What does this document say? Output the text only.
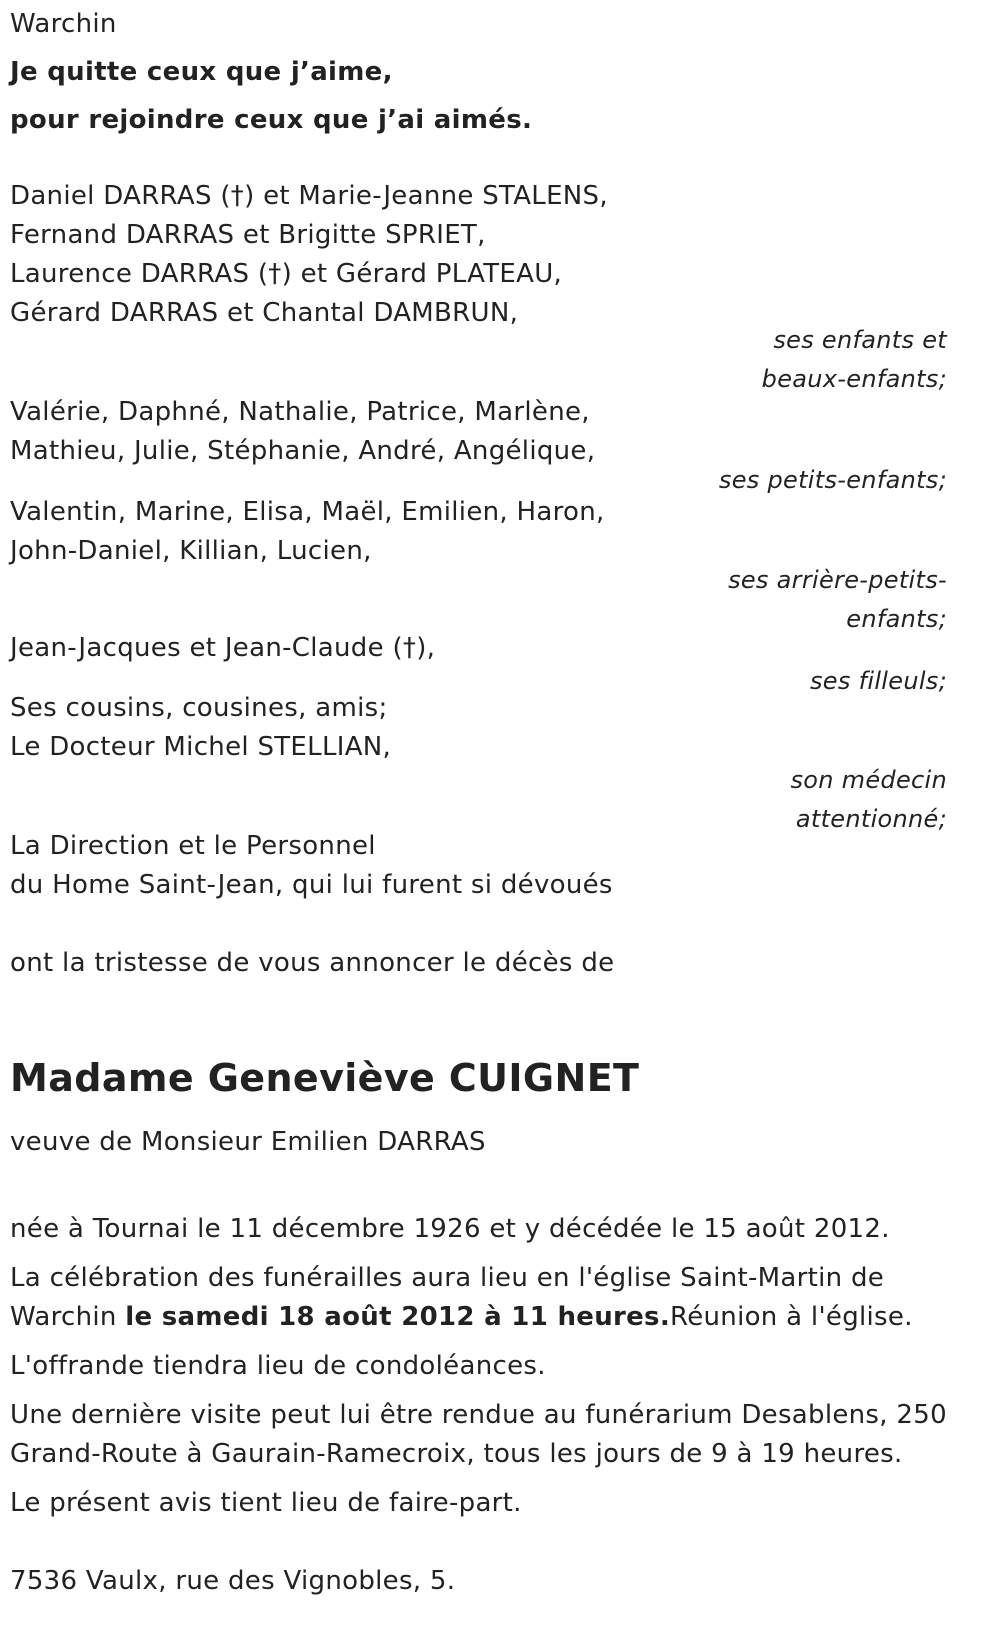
Warchin
Je quitte ceux que j’aime,
pour rejoindre ceux que j’ai aimés.
Daniel DARRAS (†) et Marie-Jeanne STALENS,
Fernand DARRAS et Brigitte SPRIET,
Laurence DARRAS (†) et Gérard PLATEAU,
Gérard DARRAS et Chantal DAMBRUN,
ses enfants et
beaux-enfants;
Valérie, Daphné, Nathalie, Patrice, Marlène,
Mathieu, Julie, Stéphanie, André, Angélique,
ses petits-enfants;
Valentin, Marine, Elisa, Maël, Emilien, Haron,
John-Daniel, Killian, Lucien,
ses arrière-petits-
enfants;
Jean-Jacques et Jean-Claude (†),
ses filleuls;
Ses cousins, cousines, amis;
Le Docteur Michel STELLIAN,
son médecin
attentionné;
La Direction et le Personnel
du Home Saint-Jean, qui lui furent si dévoués
ont la tristesse de vous annoncer le décès de
Madame Geneviève CUIGNET
veuve de Monsieur Emilien DARRAS
née à Tournai le 11 décembre 1926 et y décédée le 15 août 2012.
La célébration des funérailles aura lieu en l'église Saint-Martin de
Warchin le samedi 18 août 2012 à 11 heures.Réunion à l'église.
L'offrande tiendra lieu de condoléances.
Une dernière visite peut lui être rendue au funérarium Desablens, 250
Grand-Route à Gaurain-Ramecroix, tous les jours de 9 à 19 heures.
Le présent avis tient lieu de faire-part.
7536 Vaulx, rue des Vignobles, 5.
